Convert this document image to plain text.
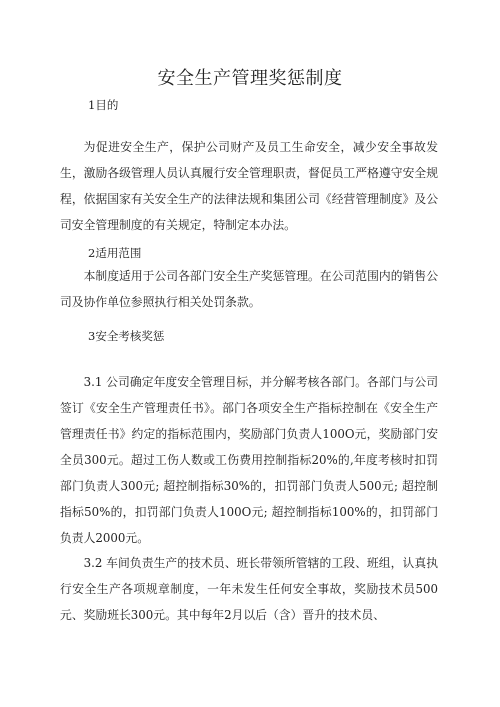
安全生产管理奖惩制度
1目的

为促进安全生产，保护公司财产及员工生命安全，减少安全事故发生，激励各级管理人员认真履行安全管理职责，督促员工严格遵守安全规程，依据国家有关安全生产的法律法规和集团公司《经营管理制度》及公司安全管理制度的有关规定，特制定本办法。

2适用范围

本制度适用于公司各部门安全生产奖惩管理。在公司范围内的销售公司及协作单位参照执行相关处罚条款。

3安全考核奖惩

3.1 公司确定年度安全管理目标，并分解考核各部门。各部门与公司签订《安全生产管理责任书》。部门各项安全生产指标控制在《安全生产管理责任书》约定的指标范围内，奖励部门负责人100O元，奖励部门安全员300元。超过工伤人数或工伤费用控制指标20%的,年度考核时扣罚部门负责人300元; 超控制指标30%的，扣罚部门负责人500元; 超控制指标50%的，扣罚部门负责人100O元; 超控制指标100%的，扣罚部门负责人2000元。

3.2 车间负责生产的技术员、班长带领所管辖的工段、班组，认真执行安全生产各项规章制度，一年未发生任何安全事故，奖励技术员500元、奖励班长300元。其中每年2月以后（含）晋升的技术员、
